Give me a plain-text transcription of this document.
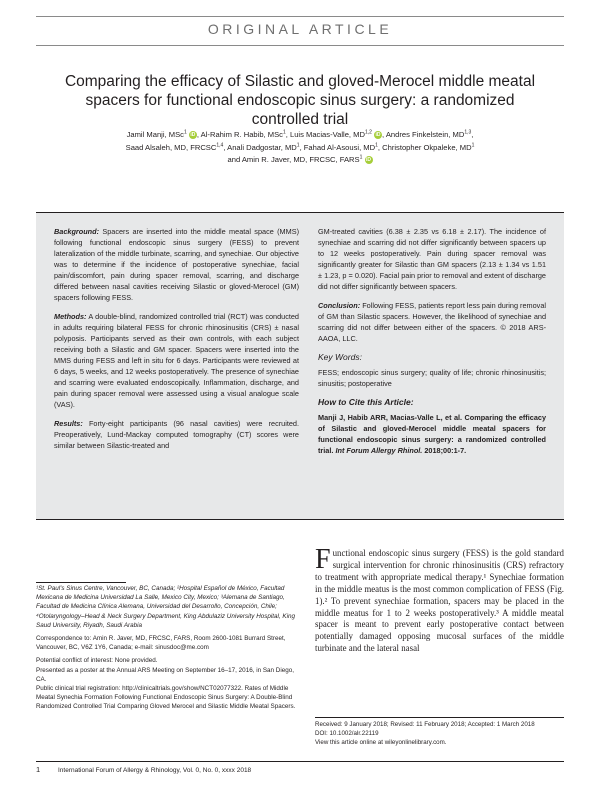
ORIGINAL ARTICLE
Comparing the efficacy of Silastic and gloved-Merocel middle meatal spacers for functional endoscopic sinus surgery: a randomized controlled trial
Jamil Manji, MSc$^1$ iD , Al-Rahim R. Habib, MSc$^1$, Luis Macias-Valle, MD$^{1,2}$ iD , Andres Finkelstein, MD$^{1,3}$,
Saad Alsaleh, MD, FRCSC$^{1,4}$, Anali Dadgostar, $MD^1$, Fahad Al-Asousi, $MD^1$, Christopher Okpaleke, $MD^1$
and Amin R. Javer, MD, FRCSC, FARS$^1$ iD

Background: Spacers are inserted into the middle meatal space (MMS) following functional endoscopic sinus surgery (FESS) to prevent lateralization of the middle turbinate, scarring, and synechiae. Our objective was to determine if the incidence of postoperative synechiae, facial pain/discomfort, pain during spacer removal, scarring, and discharge differed between nasal cavities receiving Silastic or gloved-Merocel (GM) spacers following FESS.

Methods: A double-blind, randomized controlled trial (RCT) was conducted in adults requiring bilateral FESS for chronic rhinosinusitis (CRS) ± nasal polyposis. Participants served as their own controls, with each subject receiving both a Silastic and GM spacer. Spacers were inserted into the MMS during FESS and left in situ for 6 days. Participants were reviewed at 6 days, 5 weeks, and 12 weeks postoperatively. The presence of synechiae and scarring were evaluated endoscopically. Inflammation, discharge, and pain during spacer removal were assessed using a visual analogue scale (VAS).

Results: Forty-eight participants (96 nasal cavities) were recruited. Preoperatively, Lund-Mackay computed tomography (CT) scores were similar between Silastic-treated and

GM-treated cavities (6.38 ± 2.35 vs 6.18 ± 2.17). The incidence of synechiae and scarring did not differ significantly between spacers up to 12 weeks postoperatively. Pain during spacer removal was significantly greater for Silastic than GM spacers (2.13 ± 1.34 vs 1.51 ± 1.23, p = 0.020). Facial pain prior to removal and extent of discharge did not differ significantly between spacers.

Conclusion: Following FESS, patients report less pain during removal of GM than Silastic spacers. However, the likelihood of synechiae and scarring did not differ between either of the spacers. © 2018 ARS-AAOA, LLC.

Key Words:

FESS; endoscopic sinus surgery; quality of life; chronic rhinosinusitis; sinusitis; postoperative

How to Cite this Article:

Manji J, Habib ARR, Macias-Valle L, et al. Comparing the efficacy of Silastic and gloved-Merocel middle meatal spacers for functional endoscopic sinus surgery: a randomized controlled trial. Int Forum Allergy Rhinol. 2018;00:1-7.

Functional endoscopic sinus surgery (FESS) is the gold standard surgical intervention for chronic rhinosinusitis (CRS) refractory to treatment with appropriate medical therapy.¹ Synechiae formation in the middle meatus is the most common complication of FESS (Fig. 1).² To prevent synechiae formation, spacers may be placed in the middle meatus for 1 to 2 weeks postoperatively.³ A middle meatal spacer is meant to prevent early postoperative contact between potentially damaged opposing mucosal surfaces of the middle turbinate and the lateral nasal

¹St. Paul's Sinus Centre, Vancouver, BC, Canada; ²Hospital Español de México, Facultad Mexicana de Medicina Universidad La Salle, Mexico City, Mexico; ³Alemana de Santiago, Facultad de Medicina Clínica Alemana, Universidad del Desarrollo, Concepción, Chile; ⁴Otolaryngology–Head & Neck Surgery Department, King Abdulaziz University Hospital, King Saud University, Riyadh, Saudi Arabia

Correspondence to: Amin R. Javer, MD, FRCSC, FARS, Room 2600-1081 Burrard Street, Vancouver, BC, V6Z 1Y6, Canada; e-mail: sinusdoc@me.com

Potential conflict of interest: None provided.

Presented as a poster at the Annual ARS Meeting on September 16–17, 2016, in San Diego, CA.

Public clinical trial registration: http://clinicaltrials.gov/show/NCT02077322. Rates of Middle Meatal Synechia Formation Following Functional Endoscopic Sinus Surgery: A Double-Blind Randomized Controlled Trial Comparing Gloved Merocel and Silastic Middle Meatal Spacers.

Received: 9 January 2018; Revised: 11 February 2018; Accepted: 1 March 2018
DOI: 10.1002/alr.22119
View this article online at wileyonlinelibrary.com.
1	International Forum of Allergy & Rhinology, Vol. 0, No. 0, xxxx 2018
